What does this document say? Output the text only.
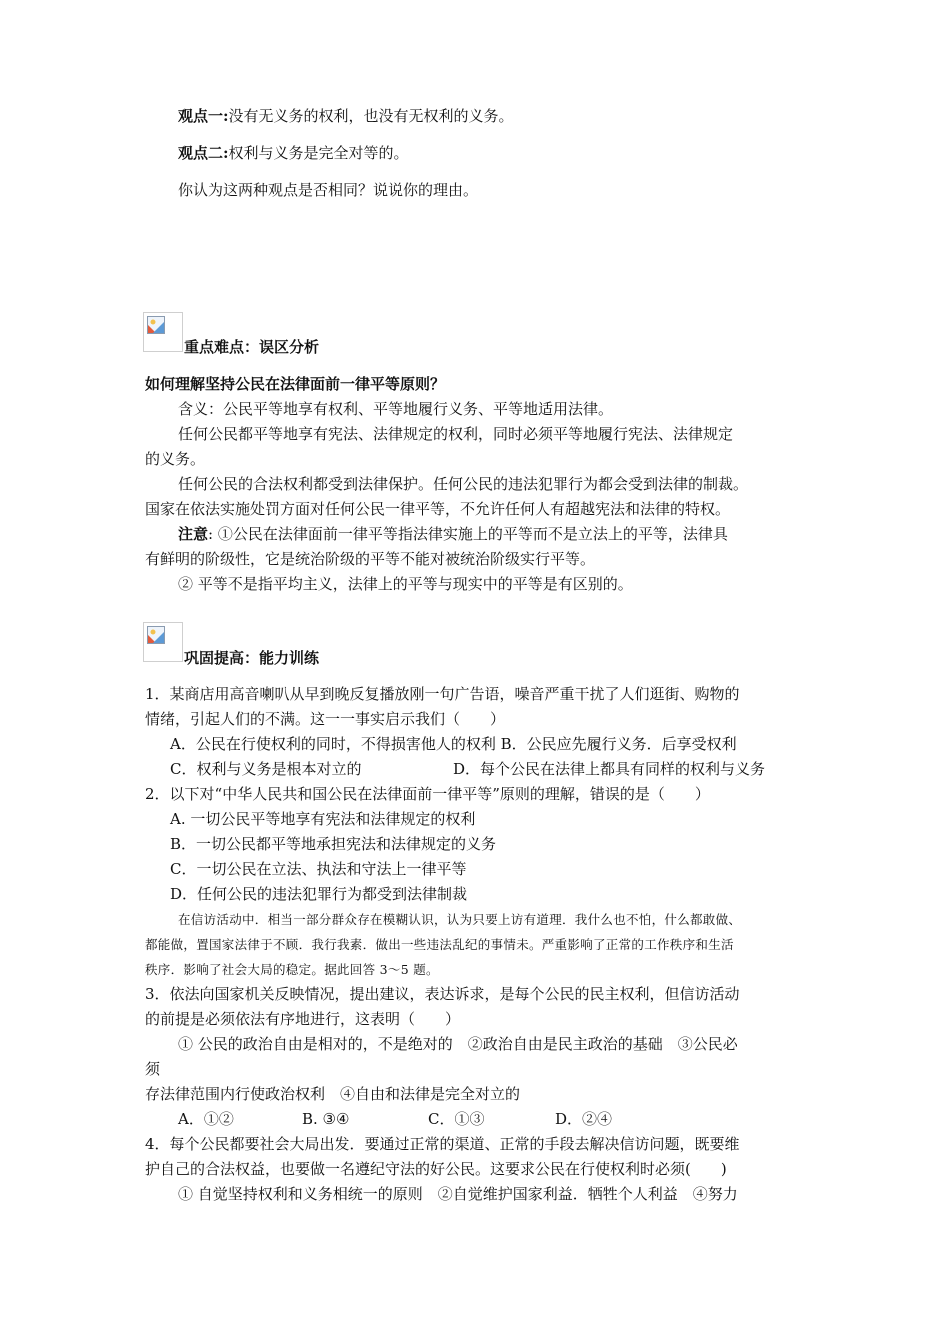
观点一:没有无义务的权利，也没有无权利的义务。
观点二:权利与义务是完全对等的。
你认为这两种观点是否相同？说说你的理由。
重点难点：误区分析
如何理解坚持公民在法律面前一律平等原则？
含义：公民平等地享有权利、平等地履行义务、平等地适用法律。
任何公民都平等地享有宪法、法律规定的权利，同时必须平等地履行宪法、法律规定
的义务。
任何公民的合法权利都受到法律保护。任何公民的违法犯罪行为都会受到法律的制裁。
国家在依法实施处罚方面对任何公民一律平等，不允许任何人有超越宪法和法律的特权。
注意: ①公民在法律面前一律平等指法律实施上的平等而不是立法上的平等，法律具
有鲜明的阶级性，它是统治阶级的平等不能对被统治阶级实行平等。
② 平等不是指平均主义，法律上的平等与现实中的平等是有区别的。
巩固提高：能力训练
1．某商店用高音喇叭从早到晚反复播放刚一句广告语，噪音严重干扰了人们逛街、购物的
情绪，引起人们的不满。这一一事实启示我们（　　）
A．公民在行使权利的同时，不得损害他人的权利 B．公民应先履行义务．后享受权利
C．权利与义务是根本对立的	D．每个公民在法律上都具有同样的权利与义务
2．以下对“中华人民共和国公民在法律面前一律平等”原则的理解，错误的是（　　）
A. 一切公民平等地享有宪法和法律规定的权利
B．一切公民都平等地承担宪法和法律规定的义务
C．一切公民在立法、执法和守法上一律平等
D．任何公民的违法犯罪行为都受到法律制裁
在信访活动中．相当一部分群众存在模糊认识，认为只要上访有道理．我什么也不怕，什么都敢做、
都能做，置国家法律于不顾．我行我素．做出一些违法乱纪的事情未。严重影响了正常的工作秩序和生活
秩序．影响了社会大局的稳定。据此回答 3～5 题。
3．依法向国家机关反映情况，提出建议，表达诉求，是每个公民的民主权利，但信访活动
的前提是必须依法有序地进行，这表明（　　）
① 公民的政治自由是相对的，不是绝对的　②政治自由是民主政治的基础　③公民必
须
存法律范围内行使政治权利　④自由和法律是完全对立的
A．①②	B. ③④	C．①③	D．②④
4．每个公民都要社会大局出发．要通过正常的渠道、正常的手段去解决信访问题，既要维
护自己的合法权益，也要做一名遵纪守法的好公民。这要求公民在行使权利时必须(　　)
① 自觉坚持权利和义务相统一的原则　②自觉维护国家利益．牺牲个人利益　④努力
